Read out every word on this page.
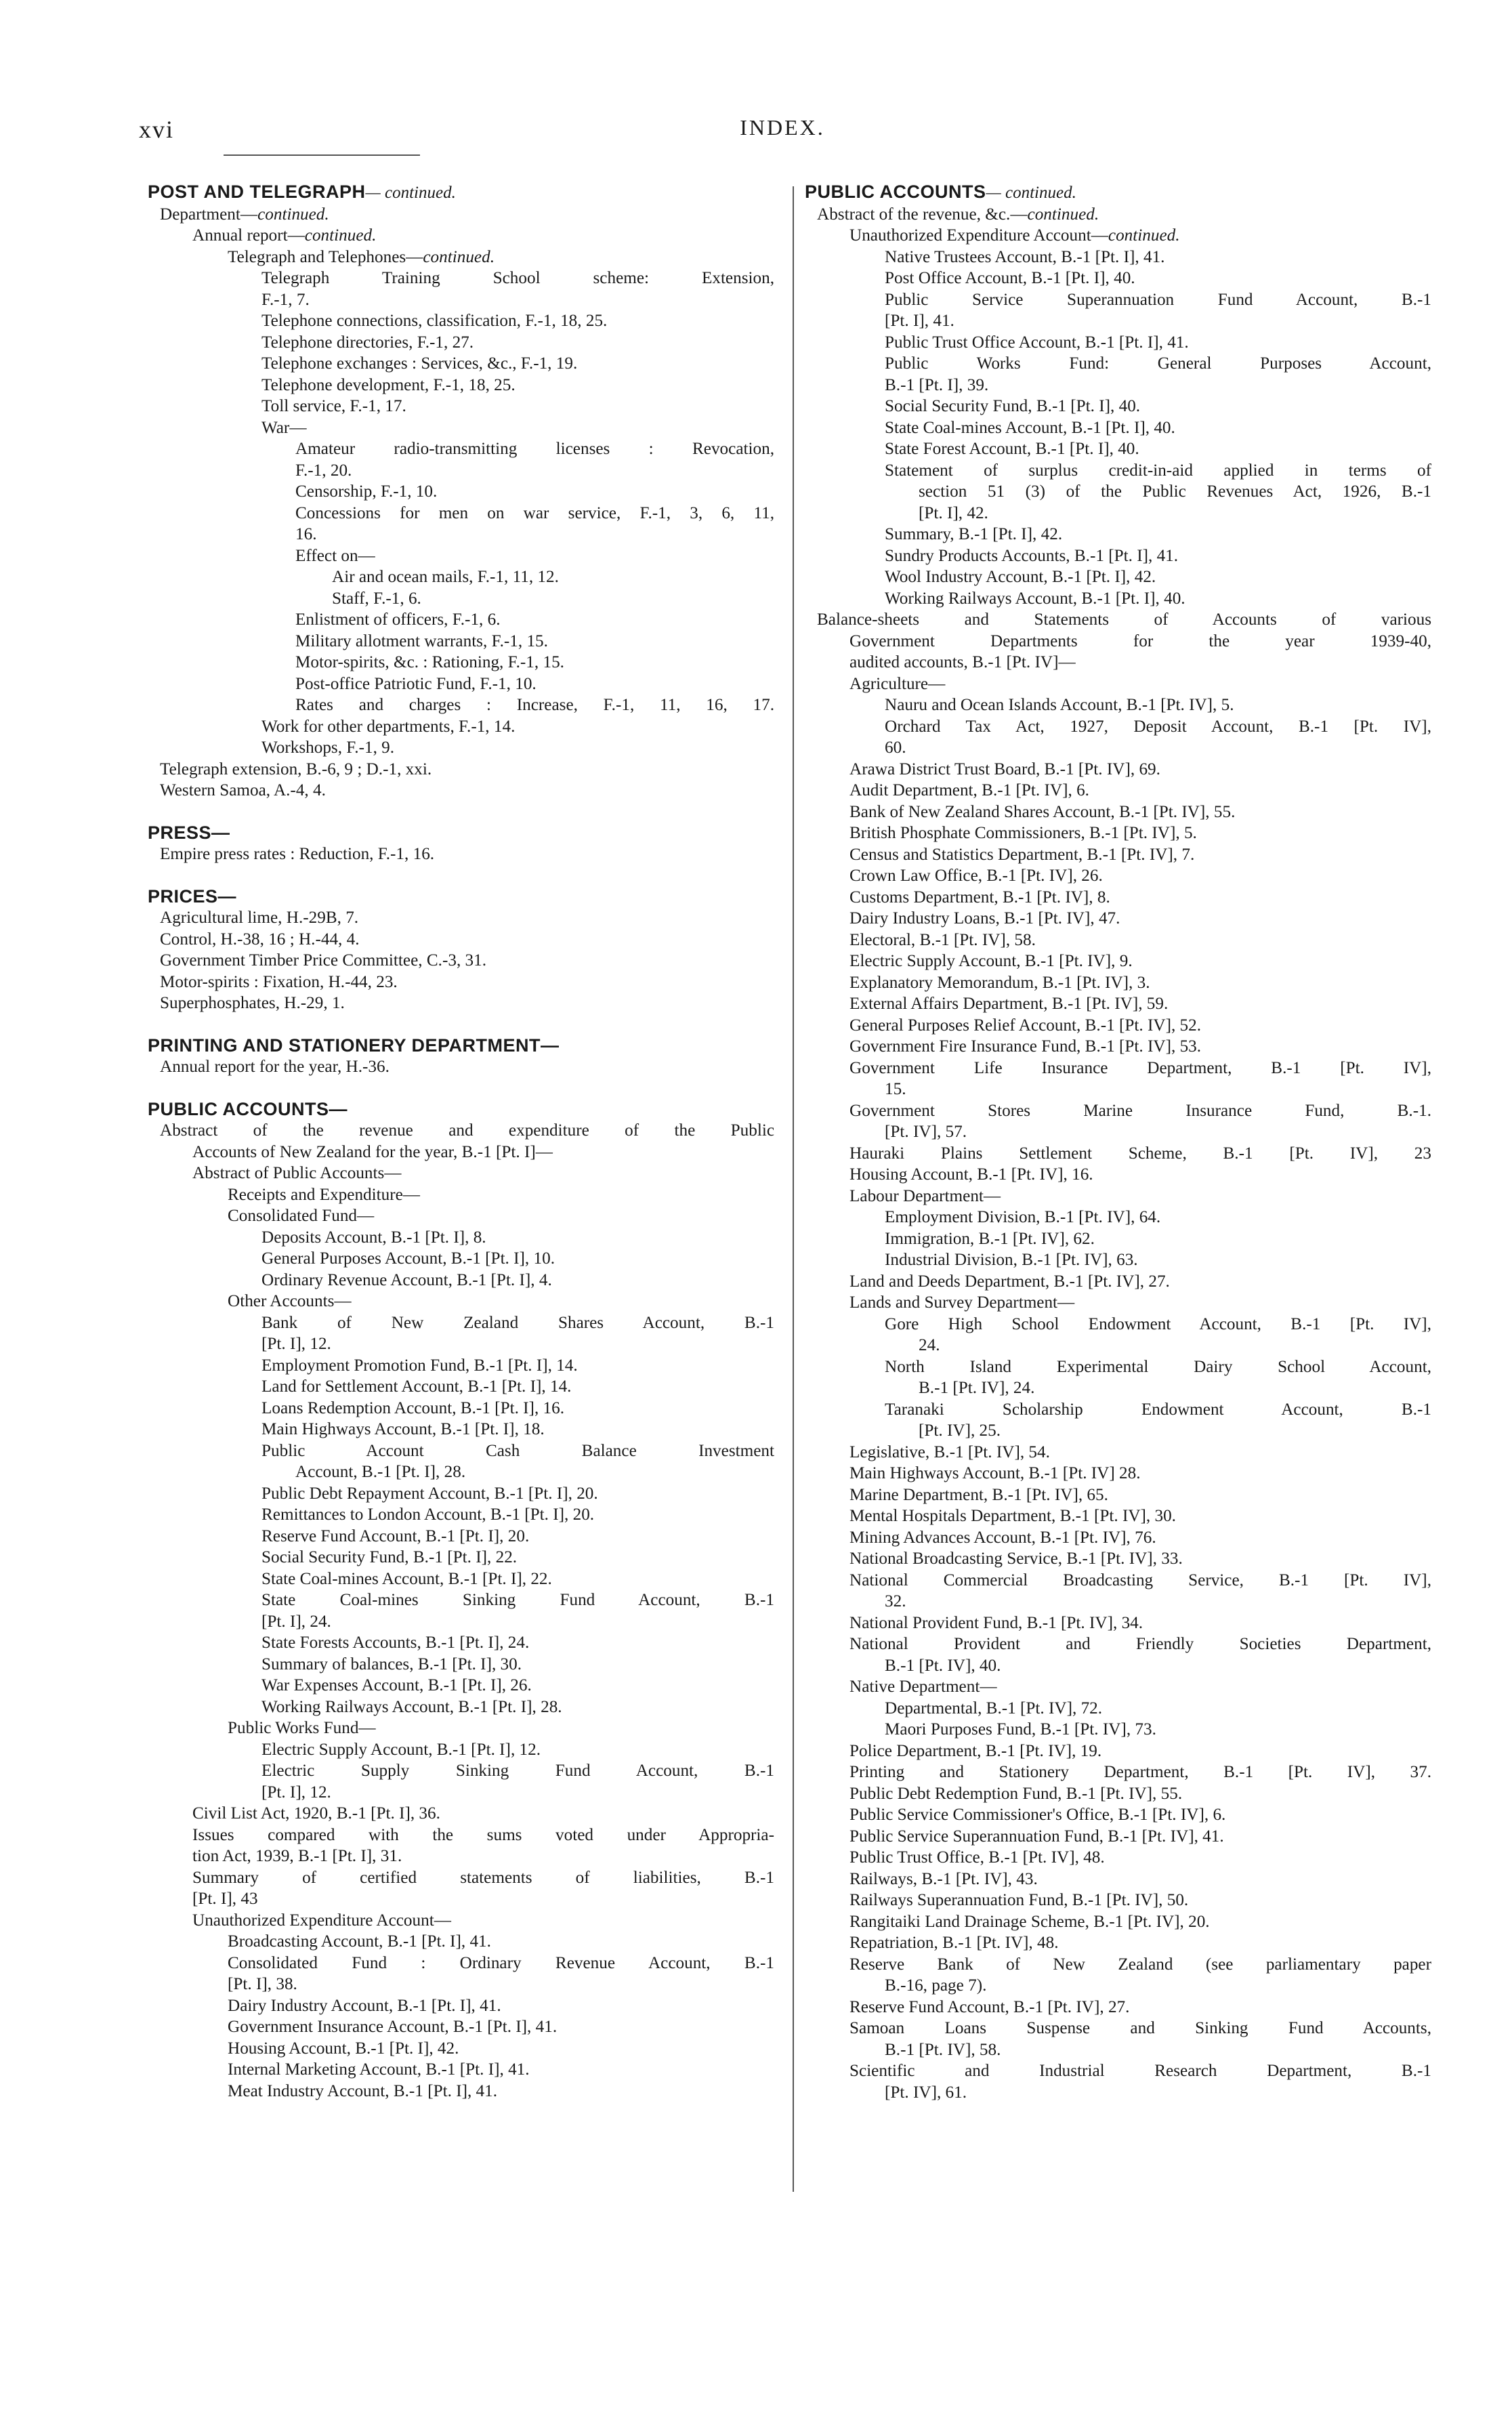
xvi	INDEX.
POST AND TELEGRAPH— continued.
Department—continued.
Annual report—continued.
Telegraph and Telephones—continued.
Telegraph Training School scheme: Extension,
F.-1, 7.
Telephone connections, classification, F.-1, 18, 25.
Telephone directories, F.-1, 27.
Telephone exchanges : Services, &c., F.-1, 19.
Telephone development, F.-1, 18, 25.
Toll service, F.-1, 17.
War—
Amateur radio-transmitting licenses : Revocation,
F.-1, 20.
Censorship, F.-1, 10.
Concessions for men on war service, F.-1, 3, 6, 11,
16.
Effect on—
Air and ocean mails, F.-1, 11, 12.
Staff, F.-1, 6.
Enlistment of officers, F.-1, 6.
Military allotment warrants, F.-1, 15.
Motor-spirits, &c. : Rationing, F.-1, 15.
Post-office Patriotic Fund, F.-1, 10.
Rates and charges : Increase, F.-1, 11, 16, 17.
Work for other departments, F.-1, 14.
Workshops, F.-1, 9.
Telegraph extension, B.-6, 9 ; D.-1, xxi.
Western Samoa, A.-4, 4.
PRESS—
Empire press rates : Reduction, F.-1, 16.
PRICES—
Agricultural lime, H.-29B, 7.
Control, H.-38, 16 ; H.-44, 4.
Government Timber Price Committee, C.-3, 31.
Motor-spirits : Fixation, H.-44, 23.
Superphosphates, H.-29, 1.
PRINTING AND STATIONERY DEPARTMENT—
Annual report for the year, H.-36.
PUBLIC ACCOUNTS—
Abstract of the revenue and expenditure of the Public
Accounts of New Zealand for the year, B.-1 [Pt. I]—
Abstract of Public Accounts—
Receipts and Expenditure—
Consolidated Fund—
Deposits Account, B.-1 [Pt. I], 8.
General Purposes Account, B.-1 [Pt. I], 10.
Ordinary Revenue Account, B.-1 [Pt. I], 4.
Other Accounts—
Bank of New Zealand Shares Account, B.-1
[Pt. I], 12.
Employment Promotion Fund, B.-1 [Pt. I], 14.
Land for Settlement Account, B.-1 [Pt. I], 14.
Loans Redemption Account, B.-1 [Pt. I], 16.
Main Highways Account, B.-1 [Pt. I], 18.
Public Account Cash Balance Investment
Account, B.-1 [Pt. I], 28.
Public Debt Repayment Account, B.-1 [Pt. I], 20.
Remittances to London Account, B.-1 [Pt. I], 20.
Reserve Fund Account, B.-1 [Pt. I], 20.
Social Security Fund, B.-1 [Pt. I], 22.
State Coal-mines Account, B.-1 [Pt. I], 22.
State Coal-mines Sinking Fund Account, B.-1
[Pt. I], 24.
State Forests Accounts, B.-1 [Pt. I], 24.
Summary of balances, B.-1 [Pt. I], 30.
War Expenses Account, B.-1 [Pt. I], 26.
Working Railways Account, B.-1 [Pt. I], 28.
Public Works Fund—
Electric Supply Account, B.-1 [Pt. I], 12.
Electric Supply Sinking Fund Account, B.-1
[Pt. I], 12.
Civil List Act, 1920, B.-1 [Pt. I], 36.
Issues compared with the sums voted under Appropria-
tion Act, 1939, B.-1 [Pt. I], 31.
Summary of certified statements of liabilities, B.-1
[Pt. I], 43
Unauthorized Expenditure Account—
Broadcasting Account, B.-1 [Pt. I], 41.
Consolidated Fund : Ordinary Revenue Account, B.-1
[Pt. I], 38.
Dairy Industry Account, B.-1 [Pt. I], 41.
Government Insurance Account, B.-1 [Pt. I], 41.
Housing Account, B.-1 [Pt. I], 42.
Internal Marketing Account, B.-1 [Pt. I], 41.
Meat Industry Account, B.-1 [Pt. I], 41.
PUBLIC ACCOUNTS— continued.
Abstract of the revenue, &c.—continued.
Unauthorized Expenditure Account—continued.
Native Trustees Account, B.-1 [Pt. I], 41.
Post Office Account, B.-1 [Pt. I], 40.
Public Service Superannuation Fund Account, B.-1
[Pt. I], 41.
Public Trust Office Account, B.-1 [Pt. I], 41.
Public Works Fund: General Purposes Account,
B.-1 [Pt. I], 39.
Social Security Fund, B.-1 [Pt. I], 40.
State Coal-mines Account, B.-1 [Pt. I], 40.
State Forest Account, B.-1 [Pt. I], 40.
Statement of surplus credit-in-aid applied in terms of
section 51 (3) of the Public Revenues Act, 1926, B.-1
[Pt. I], 42.
Summary, B.-1 [Pt. I], 42.
Sundry Products Accounts, B.-1 [Pt. I], 41.
Wool Industry Account, B.-1 [Pt. I], 42.
Working Railways Account, B.-1 [Pt. I], 40.
Balance-sheets and Statements of Accounts of various
Government Departments for the year 1939-40,
audited accounts, B.-1 [Pt. IV]—
Agriculture—
Nauru and Ocean Islands Account, B.-1 [Pt. IV], 5.
Orchard Tax Act, 1927, Deposit Account, B.-1 [Pt. IV],
60.
Arawa District Trust Board, B.-1 [Pt. IV], 69.
Audit Department, B.-1 [Pt. IV], 6.
Bank of New Zealand Shares Account, B.-1 [Pt. IV], 55.
British Phosphate Commissioners, B.-1 [Pt. IV], 5.
Census and Statistics Department, B.-1 [Pt. IV], 7.
Crown Law Office, B.-1 [Pt. IV], 26.
Customs Department, B.-1 [Pt. IV], 8.
Dairy Industry Loans, B.-1 [Pt. IV], 47.
Electoral, B.-1 [Pt. IV], 58.
Electric Supply Account, B.-1 [Pt. IV], 9.
Explanatory Memorandum, B.-1 [Pt. IV], 3.
External Affairs Department, B.-1 [Pt. IV], 59.
General Purposes Relief Account, B.-1 [Pt. IV], 52.
Government Fire Insurance Fund, B.-1 [Pt. IV], 53.
Government Life Insurance Department, B.-1 [Pt. IV],
15.
Government Stores Marine Insurance Fund, B.-1.
[Pt. IV], 57.
Hauraki Plains Settlement Scheme, B.-1 [Pt. IV], 23
Housing Account, B.-1 [Pt. IV], 16.
Labour Department—
Employment Division, B.-1 [Pt. IV], 64.
Immigration, B.-1 [Pt. IV], 62.
Industrial Division, B.-1 [Pt. IV], 63.
Land and Deeds Department, B.-1 [Pt. IV], 27.
Lands and Survey Department—
Gore High School Endowment Account, B.-1 [Pt. IV],
24.
North Island Experimental Dairy School Account,
B.-1 [Pt. IV], 24.
Taranaki Scholarship Endowment Account, B.-1
[Pt. IV], 25.
Legislative, B.-1 [Pt. IV], 54.
Main Highways Account, B.-1 [Pt. IV] 28.
Marine Department, B.-1 [Pt. IV], 65.
Mental Hospitals Department, B.-1 [Pt. IV], 30.
Mining Advances Account, B.-1 [Pt. IV], 76.
National Broadcasting Service, B.-1 [Pt. IV], 33.
National Commercial Broadcasting Service, B.-1 [Pt. IV],
32.
National Provident Fund, B.-1 [Pt. IV], 34.
National Provident and Friendly Societies Department,
B.-1 [Pt. IV], 40.
Native Department—
Departmental, B.-1 [Pt. IV], 72.
Maori Purposes Fund, B.-1 [Pt. IV], 73.
Police Department, B.-1 [Pt. IV], 19.
Printing and Stationery Department, B.-1 [Pt. IV], 37.
Public Debt Redemption Fund, B.-1 [Pt. IV], 55.
Public Service Commissioner's Office, B.-1 [Pt. IV], 6.
Public Service Superannuation Fund, B.-1 [Pt. IV], 41.
Public Trust Office, B.-1 [Pt. IV], 48.
Railways, B.-1 [Pt. IV], 43.
Railways Superannuation Fund, B.-1 [Pt. IV], 50.
Rangitaiki Land Drainage Scheme, B.-1 [Pt. IV], 20.
Repatriation, B.-1 [Pt. IV], 48.
Reserve Bank of New Zealand (see parliamentary paper
B.-16, page 7).
Reserve Fund Account, B.-1 [Pt. IV], 27.
Samoan Loans Suspense and Sinking Fund Accounts,
B.-1 [Pt. IV], 58.
Scientific and Industrial Research Department, B.-1
[Pt. IV], 61.
